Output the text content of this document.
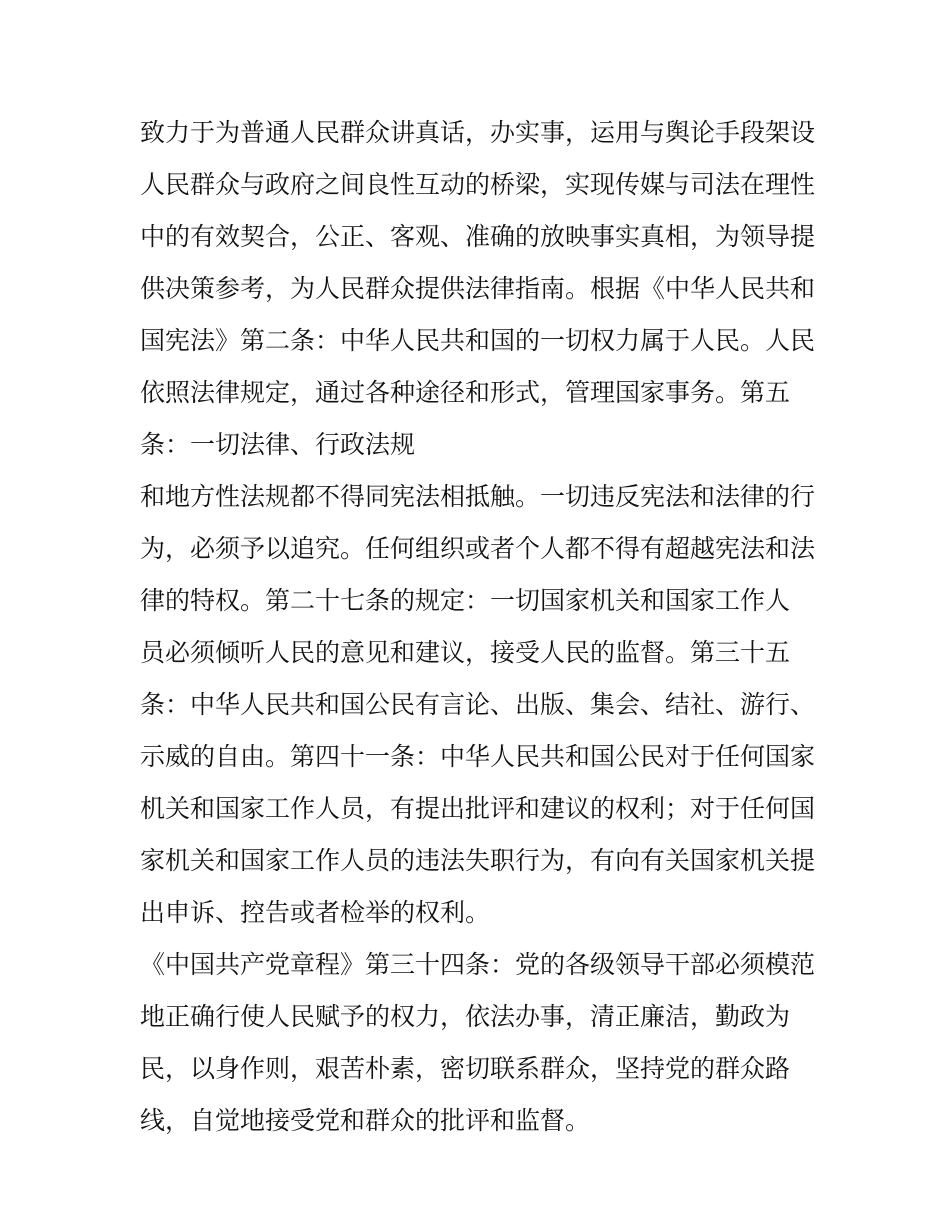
致力于为普通人民群众讲真话，办实事，运用与舆论手段架设
人民群众与政府之间良性互动的桥梁，实现传媒与司法在理性
中的有效契合，公正、客观、准确的放映事实真相，为领导提
供决策参考，为人民群众提供法律指南。根据《中华人民共和
国宪法》第二条：中华人民共和国的一切权力属于人民。人民
依照法律规定，通过各种途径和形式，管理国家事务。第五
条：一切法律、行政法规
和地方性法规都不得同宪法相抵触。一切违反宪法和法律的行
为，必须予以追究。任何组织或者个人都不得有超越宪法和法
律的特权。第二十七条的规定：一切国家机关和国家工作人
员必须倾听人民的意见和建议，接受人民的监督。第三十五
条：中华人民共和国公民有言论、出版、集会、结社、游行、
示威的自由。第四十一条：中华人民共和国公民对于任何国家
机关和国家工作人员，有提出批评和建议的权利；对于任何国
家机关和国家工作人员的违法失职行为，有向有关国家机关提
出申诉、控告或者检举的权利。
《中国共产党章程》第三十四条：党的各级领导干部必须模范
地正确行使人民赋予的权力，依法办事，清正廉洁，勤政为
民，以身作则，艰苦朴素，密切联系群众，坚持党的群众路
线，自觉地接受党和群众的批评和监督。
